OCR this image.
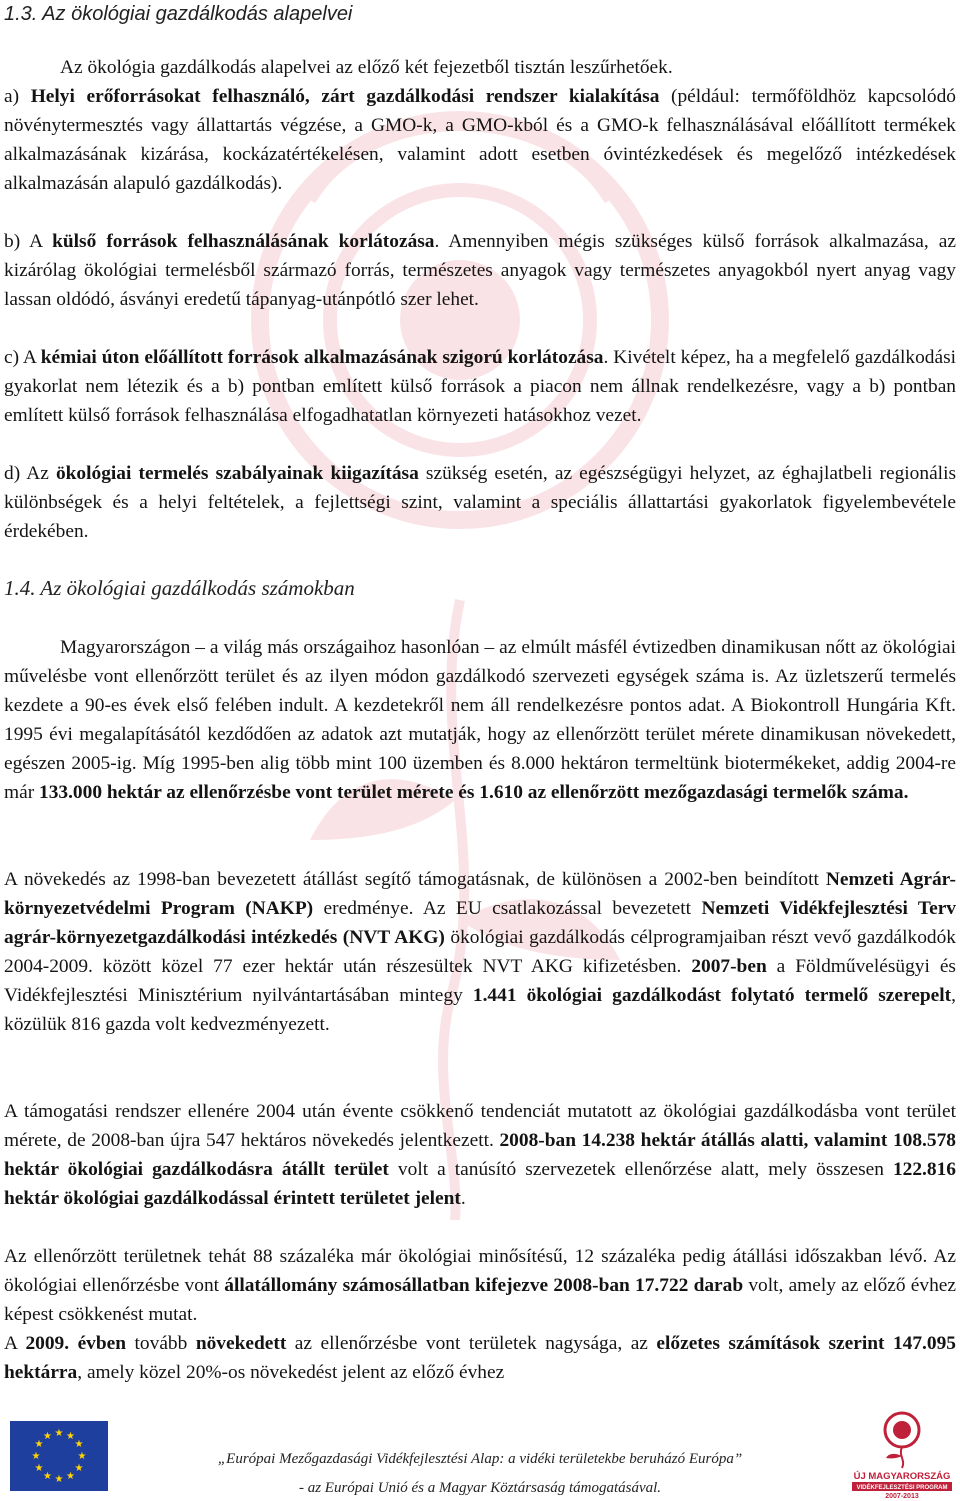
1.3. Az ökológiai gazdálkodás alapelvei

Az ökológia gazdálkodás alapelvei az előző két fejezetből tisztán leszűrhetőek.

a) Helyi erőforrásokat felhasználó, zárt gazdálkodási rendszer kialakítása (például: termőföldhöz kapcsolódó növénytermesztés vagy állattartás végzése, a GMO-k, a GMO-kból és a GMO-k felhasználásával előállított termékek alkalmazásának kizárása, kockázatértékelésen, valamint adott esetben óvintézkedések és megelőző intézkedések alkalmazásán alapuló gazdálkodás).

b) A külső források felhasználásának korlátozása. Amennyiben mégis szükséges külső források alkalmazása, az kizárólag ökológiai termelésből származó forrás, természetes anyagok vagy természetes anyagokból nyert anyag vagy lassan oldódó, ásványi eredetű tápanyag-utánpótló szer lehet.

c) A kémiai úton előállított források alkalmazásának szigorú korlátozása. Kivételt képez, ha a megfelelő gazdálkodási gyakorlat nem létezik és a b) pontban említett külső források a piacon nem állnak rendelkezésre, vagy a b) pontban említett külső források felhasználása elfogadhatatlan környezeti hatásokhoz vezet.

d) Az ökológiai termelés szabályainak kiigazítása szükség esetén, az egészségügyi helyzet, az éghajlatbeli regionális különbségek és a helyi feltételek, a fejlettségi szint, valamint a speciális állattartási gyakorlatok figyelembevétele érdekében.

1.4. Az ökológiai gazdálkodás számokban

Magyarországon – a világ más országaihoz hasonlóan – az elmúlt másfél évtizedben dinamikusan nőtt az ökológiai művelésbe vont ellenőrzött terület és az ilyen módon gazdálkodó szervezeti egységek száma is. Az üzletszerű termelés kezdete a 90-es évek első felében indult. A kezdetekről nem áll rendelkezésre pontos adat. A Biokontroll Hungária Kft. 1995 évi megalapításától kezdődően az adatok azt mutatják, hogy az ellenőrzött terület mérete dinamikusan növekedett, egészen 2005-ig. Míg 1995-ben alig több mint 100 üzemben és 8.000 hektáron termeltünk biotermékeket, addig 2004-re már 133.000 hektár az ellenőrzésbe vont terület mérete és 1.610 az ellenőrzött mezőgazdasági termelők száma.

A növekedés az 1998-ban bevezetett átállást segítő támogatásnak, de különösen a 2002-ben beindított Nemzeti Agrár-környezetvédelmi Program (NAKP) eredménye. Az EU csatlakozással bevezetett Nemzeti Vidékfejlesztési Terv agrár-környezetgazdálkodási intézkedés (NVT AKG) ökológiai gazdálkodás célprogramjaiban részt vevő gazdálkodók 2004-2009. között közel 77 ezer hektár után részesültek NVT AKG kifizetésben. 2007-ben a Földművelésügyi és Vidékfejlesztési Minisztérium nyilvántartásában mintegy 1.441 ökológiai gazdálkodást folytató termelő szerepelt, közülük 816 gazda volt kedvezményezett.

A támogatási rendszer ellenére 2004 után évente csökkenő tendenciát mutatott az ökológiai gazdálkodásba vont terület mérete, de 2008-ban újra 547 hektáros növekedés jelentkezett. 2008-ban 14.238 hektár átállás alatti, valamint 108.578 hektár ökológiai gazdálkodásra átállt terület volt a tanúsító szervezetek ellenőrzése alatt, mely összesen 122.816 hektár ökológiai gazdálkodással érintett területet jelent.

Az ellenőrzött területnek tehát 88 százaléka már ökológiai minősítésű, 12 százaléka pedig átállási időszakban lévő. Az ökológiai ellenőrzésbe vont állatállomány számosállatban kifejezve 2008-ban 17.722 darab volt, amely az előző évhez képest csökkenést mutat.

A 2009. évben tovább növekedett az ellenőrzésbe vont területek nagysága, az előzetes számítások szerint 147.095 hektárra, amely közel 20%-os növekedést jelent az előző évhez

★ ★
★
★
★
★
★
★
★
★
★
★

„Európai Mezőgazdasági Vidékfejlesztési Alap: a vidéki területekbe beruházó Európa”

- az Európai Unió és a Magyar Köztársaság támogatásával.

ÚJ MAGYARORSZÁG
VIDÉKFEJLESZTÉSI PROGRAM
2007-2013
